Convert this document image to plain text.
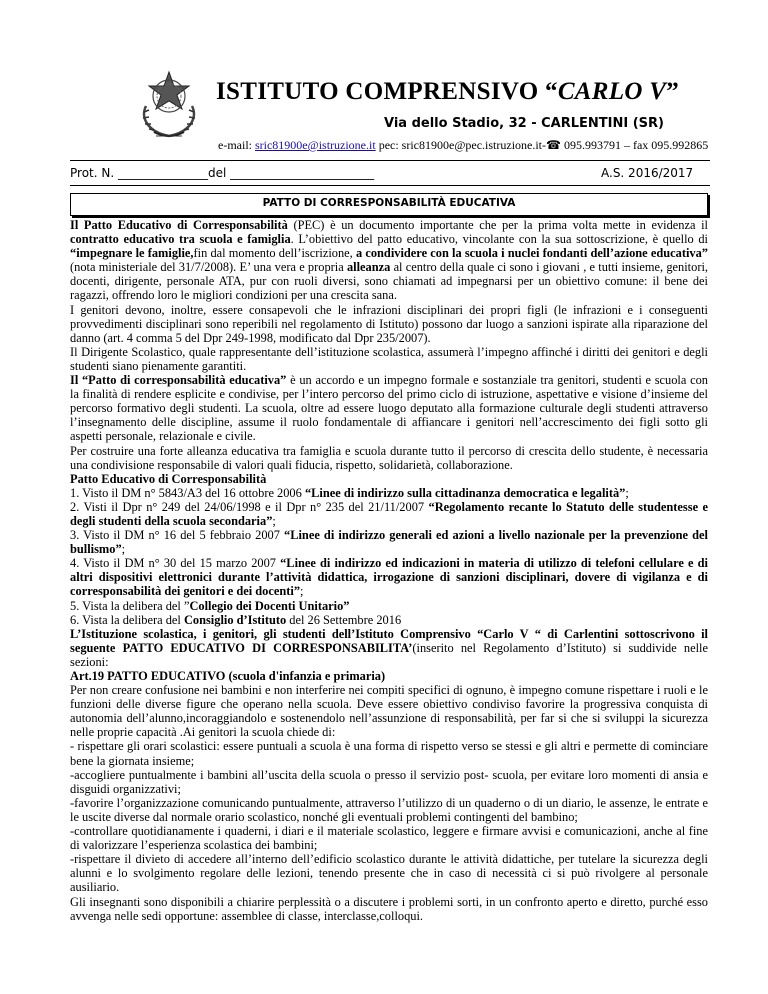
ISTITUTO COMPRENSIVO “CARLO V”
Via dello Stadio, 32 - CARLENTINI (SR)
e-mail: sric81900e@istruzione.it pec: sric81900e@pec.istruzione.it-☎ 095.993791 – fax 095.992865
Prot. N. _______________del ________________________	A.S. 2016/2017
PATTO DI CORRESPONSABILITÀ EDUCATIVA

Il Patto Educativo di Corresponsabilità (PEC) è un documento importante che per la prima volta mette in evidenza il contratto educativo tra scuola e famiglia. L’obiettivo del patto educativo, vincolante con la sua sottoscrizione, è quello di “impegnare le famiglie,fin dal momento dell’iscrizione, a condividere con la scuola i nuclei fondanti dell’azione educativa” (nota ministeriale del 31/7/2008). E’ una vera e propria alleanza al centro della quale ci sono i giovani , e tutti insieme, genitori, docenti, dirigente, personale ATA, pur con ruoli diversi, sono chiamati ad impegnarsi per un obiettivo comune: il bene dei ragazzi, offrendo loro le migliori condizioni per una crescita sana.

I genitori devono, inoltre, essere consapevoli che le infrazioni disciplinari dei propri figli (le infrazioni e i conseguenti provvedimenti disciplinari sono reperibili nel regolamento di Istituto) possono dar luogo a sanzioni ispirate alla riparazione del danno (art. 4 comma 5 del Dpr 249-1998, modificato dal Dpr 235/2007).

Il Dirigente Scolastico, quale rappresentante dell’istituzione scolastica, assumerà l’impegno affinché i diritti dei genitori e degli studenti siano pienamente garantiti.

Il “Patto di corresponsabilità educativa” è un accordo e un impegno formale e sostanziale tra genitori, studenti e scuola con la finalità di rendere esplicite e condivise, per l’intero percorso del primo ciclo di istruzione, aspettative e visione d’insieme del percorso formativo degli studenti. La scuola, oltre ad essere luogo deputato alla formazione culturale degli studenti attraverso l’insegnamento delle discipline, assume il ruolo fondamentale di affiancare i genitori nell’accrescimento dei figli sotto gli aspetti personale, relazionale e civile.

Per costruire una forte alleanza educativa tra famiglia e scuola durante tutto il percorso di crescita dello studente, è necessaria una condivisione responsabile di valori quali fiducia, rispetto, solidarietà, collaborazione.

Patto Educativo di Corresponsabilità

1. Visto il DM n° 5843/A3 del 16 ottobre 2006 “Linee di indirizzo sulla cittadinanza democratica e legalità”;

2. Visti il Dpr n° 249 del 24/06/1998 e il Dpr n° 235 del 21/11/2007 “Regolamento recante lo Statuto delle studentesse e degli studenti della scuola secondaria”;

3. Visto il DM n° 16 del 5 febbraio 2007 “Linee di indirizzo generali ed azioni a livello nazionale per la prevenzione del bullismo”;

4. Visto il DM n° 30 del 15 marzo 2007 “Linee di indirizzo ed indicazioni in materia di utilizzo di telefoni cellulare e di altri dispositivi elettronici durante l’attività didattica, irrogazione di sanzioni disciplinari, dovere di vigilanza e di corresponsabilità dei genitori e dei docenti”;

5. Vista la delibera del ”Collegio dei Docenti Unitario”

6. Vista la delibera del Consiglio d’Istituto del 26 Settembre 2016

L’Istituzione scolastica, i genitori, gli studenti dell’Istituto Comprensivo “Carlo V “ di Carlentini sottoscrivono il seguente PATTO EDUCATIVO DI CORRESPONSABILITA’(inserito nel Regolamento d’Istituto) si suddivide nelle sezioni:

Art.19 PATTO EDUCATIVO (scuola d'infanzia e primaria)

Per non creare confusione nei bambini e non interferire nei compiti specifici di ognuno, è impegno comune rispettare i ruoli e le funzioni delle diverse figure che operano nella scuola. Deve essere obiettivo condiviso favorire la progressiva conquista di autonomia dell’alunno,incoraggiandolo e sostenendolo nell’assunzione di responsabilità, per far si che si sviluppi la sicurezza nelle proprie capacità .Ai genitori la scuola chiede di:

- rispettare gli orari scolastici: essere puntuali a scuola è una forma di rispetto verso se stessi e gli altri e permette di cominciare bene la giornata insieme;

-accogliere puntualmente i bambini all’uscita della scuola o presso il servizio post- scuola, per evitare loro momenti di ansia e disguidi organizzativi;

-favorire l’organizzazione comunicando puntualmente, attraverso l’utilizzo di un quaderno o di un diario, le assenze, le entrate e le uscite diverse dal normale orario scolastico, nonché gli eventuali problemi contingenti del bambino;

-controllare quotidianamente i quaderni, i diari e il materiale scolastico, leggere e firmare avvisi e comunicazioni, anche al fine di valorizzare l’esperienza scolastica dei bambini;

-rispettare il divieto di accedere all’interno dell’edificio scolastico durante le attività didattiche, per tutelare la sicurezza degli alunni e lo svolgimento regolare delle lezioni, tenendo presente che in caso di necessità ci si può rivolgere al personale ausiliario.

Gli insegnanti sono disponibili a chiarire perplessità o a discutere i problemi sorti, in un confronto aperto e diretto, purché esso avvenga nelle sedi opportune: assemblee di classe, interclasse,colloqui.
